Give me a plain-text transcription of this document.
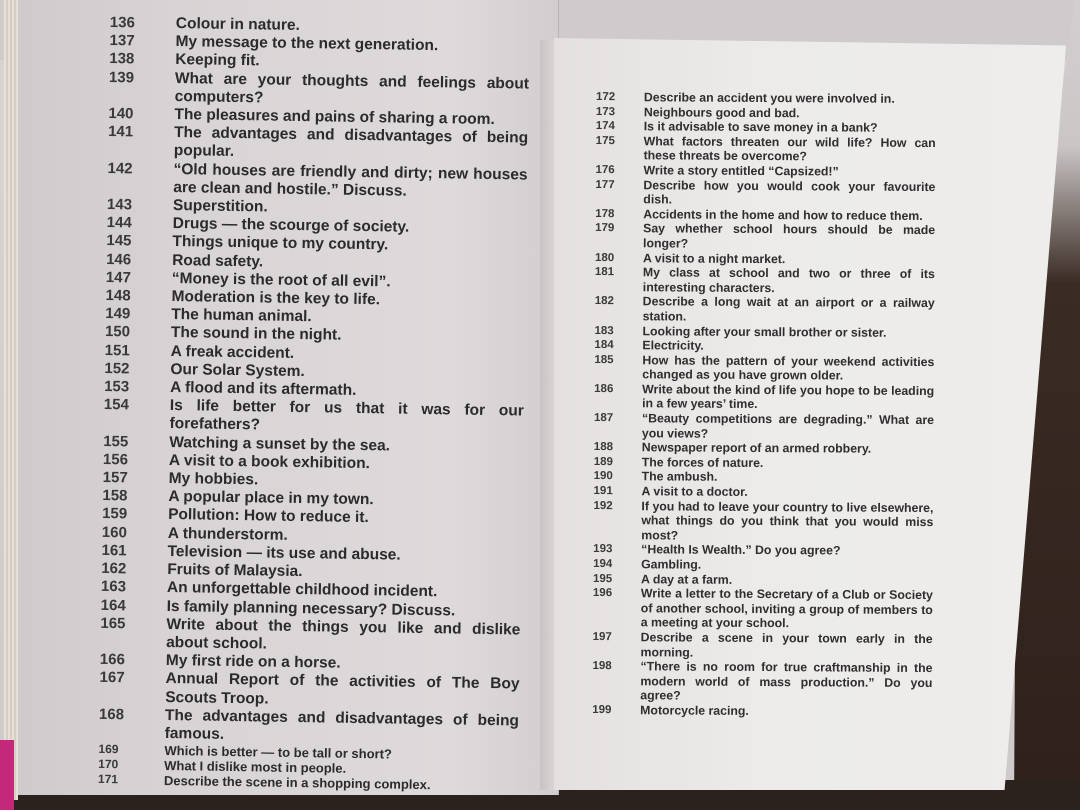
136	Colour in nature.
137	My message to the next generation.
138	Keeping fit.
139	What are your thoughts and feelings about computers?
140	The pleasures and pains of sharing a room.
141	The advantages and disadvantages of being popular.
142	“Old houses are friendly and dirty; new houses are clean and hostile.” Discuss.
143	Superstition.
144	Drugs — the scourge of society.
145	Things unique to my country.
146	Road safety.
147	“Money is the root of all evil”.
148	Moderation is the key to life.
149	The human animal.
150	The sound in the night.
151	A freak accident.
152	Our Solar System.
153	A flood and its aftermath.
154	Is life better for us that it was for our forefathers?
155	Watching a sunset by the sea.
156	A visit to a book exhibition.
157	My hobbies.
158	A popular place in my town.
159	Pollution: How to reduce it.
160	A thunderstorm.
161	Television — its use and abuse.
162	Fruits of Malaysia.
163	An unforgettable childhood incident.
164	Is family planning necessary? Discuss.
165	Write about the things you like and dislike about school.
166	My first ride on a horse.
167	Annual Report of the activities of The Boy Scouts Troop.
168	The advantages and disadvantages of being famous.
169	Which is better — to be tall or short?
170	What I dislike most in people.
171	Describe the scene in a shopping complex.
172	Describe an accident you were involved in.
173	Neighbours good and bad.
174	Is it advisable to save money in a bank?
175	What factors threaten our wild life? How can these threats be overcome?
176	Write a story entitled “Capsized!”
177	Describe how you would cook your favourite dish.
178	Accidents in the home and how to reduce them.
179	Say whether school hours should be made longer?
180	A visit to a night market.
181	My class at school and two or three of its interesting characters.
182	Describe a long wait at an airport or a railway station.
183	Looking after your small brother or sister.
184	Electricity.
185	How has the pattern of your weekend activities changed as you have grown older.
186	Write about the kind of life you hope to be leading in a few years’ time.
187	“Beauty competitions are degrading.” What are you views?
188	Newspaper report of an armed robbery.
189	The forces of nature.
190	The ambush.
191	A visit to a doctor.
192	If you had to leave your country to live elsewhere, what things do you think that you would miss most?
193	“Health Is Wealth.” Do you agree?
194	Gambling.
195	A day at a farm.
196	Write a letter to the Secretary of a Club or Society of another school, inviting a group of members to a meeting at your school.
197	Describe a scene in your town early in the morning.
198	“There is no room for true craftmanship in the modern world of mass production.” Do you agree?
199	Motorcycle racing.
